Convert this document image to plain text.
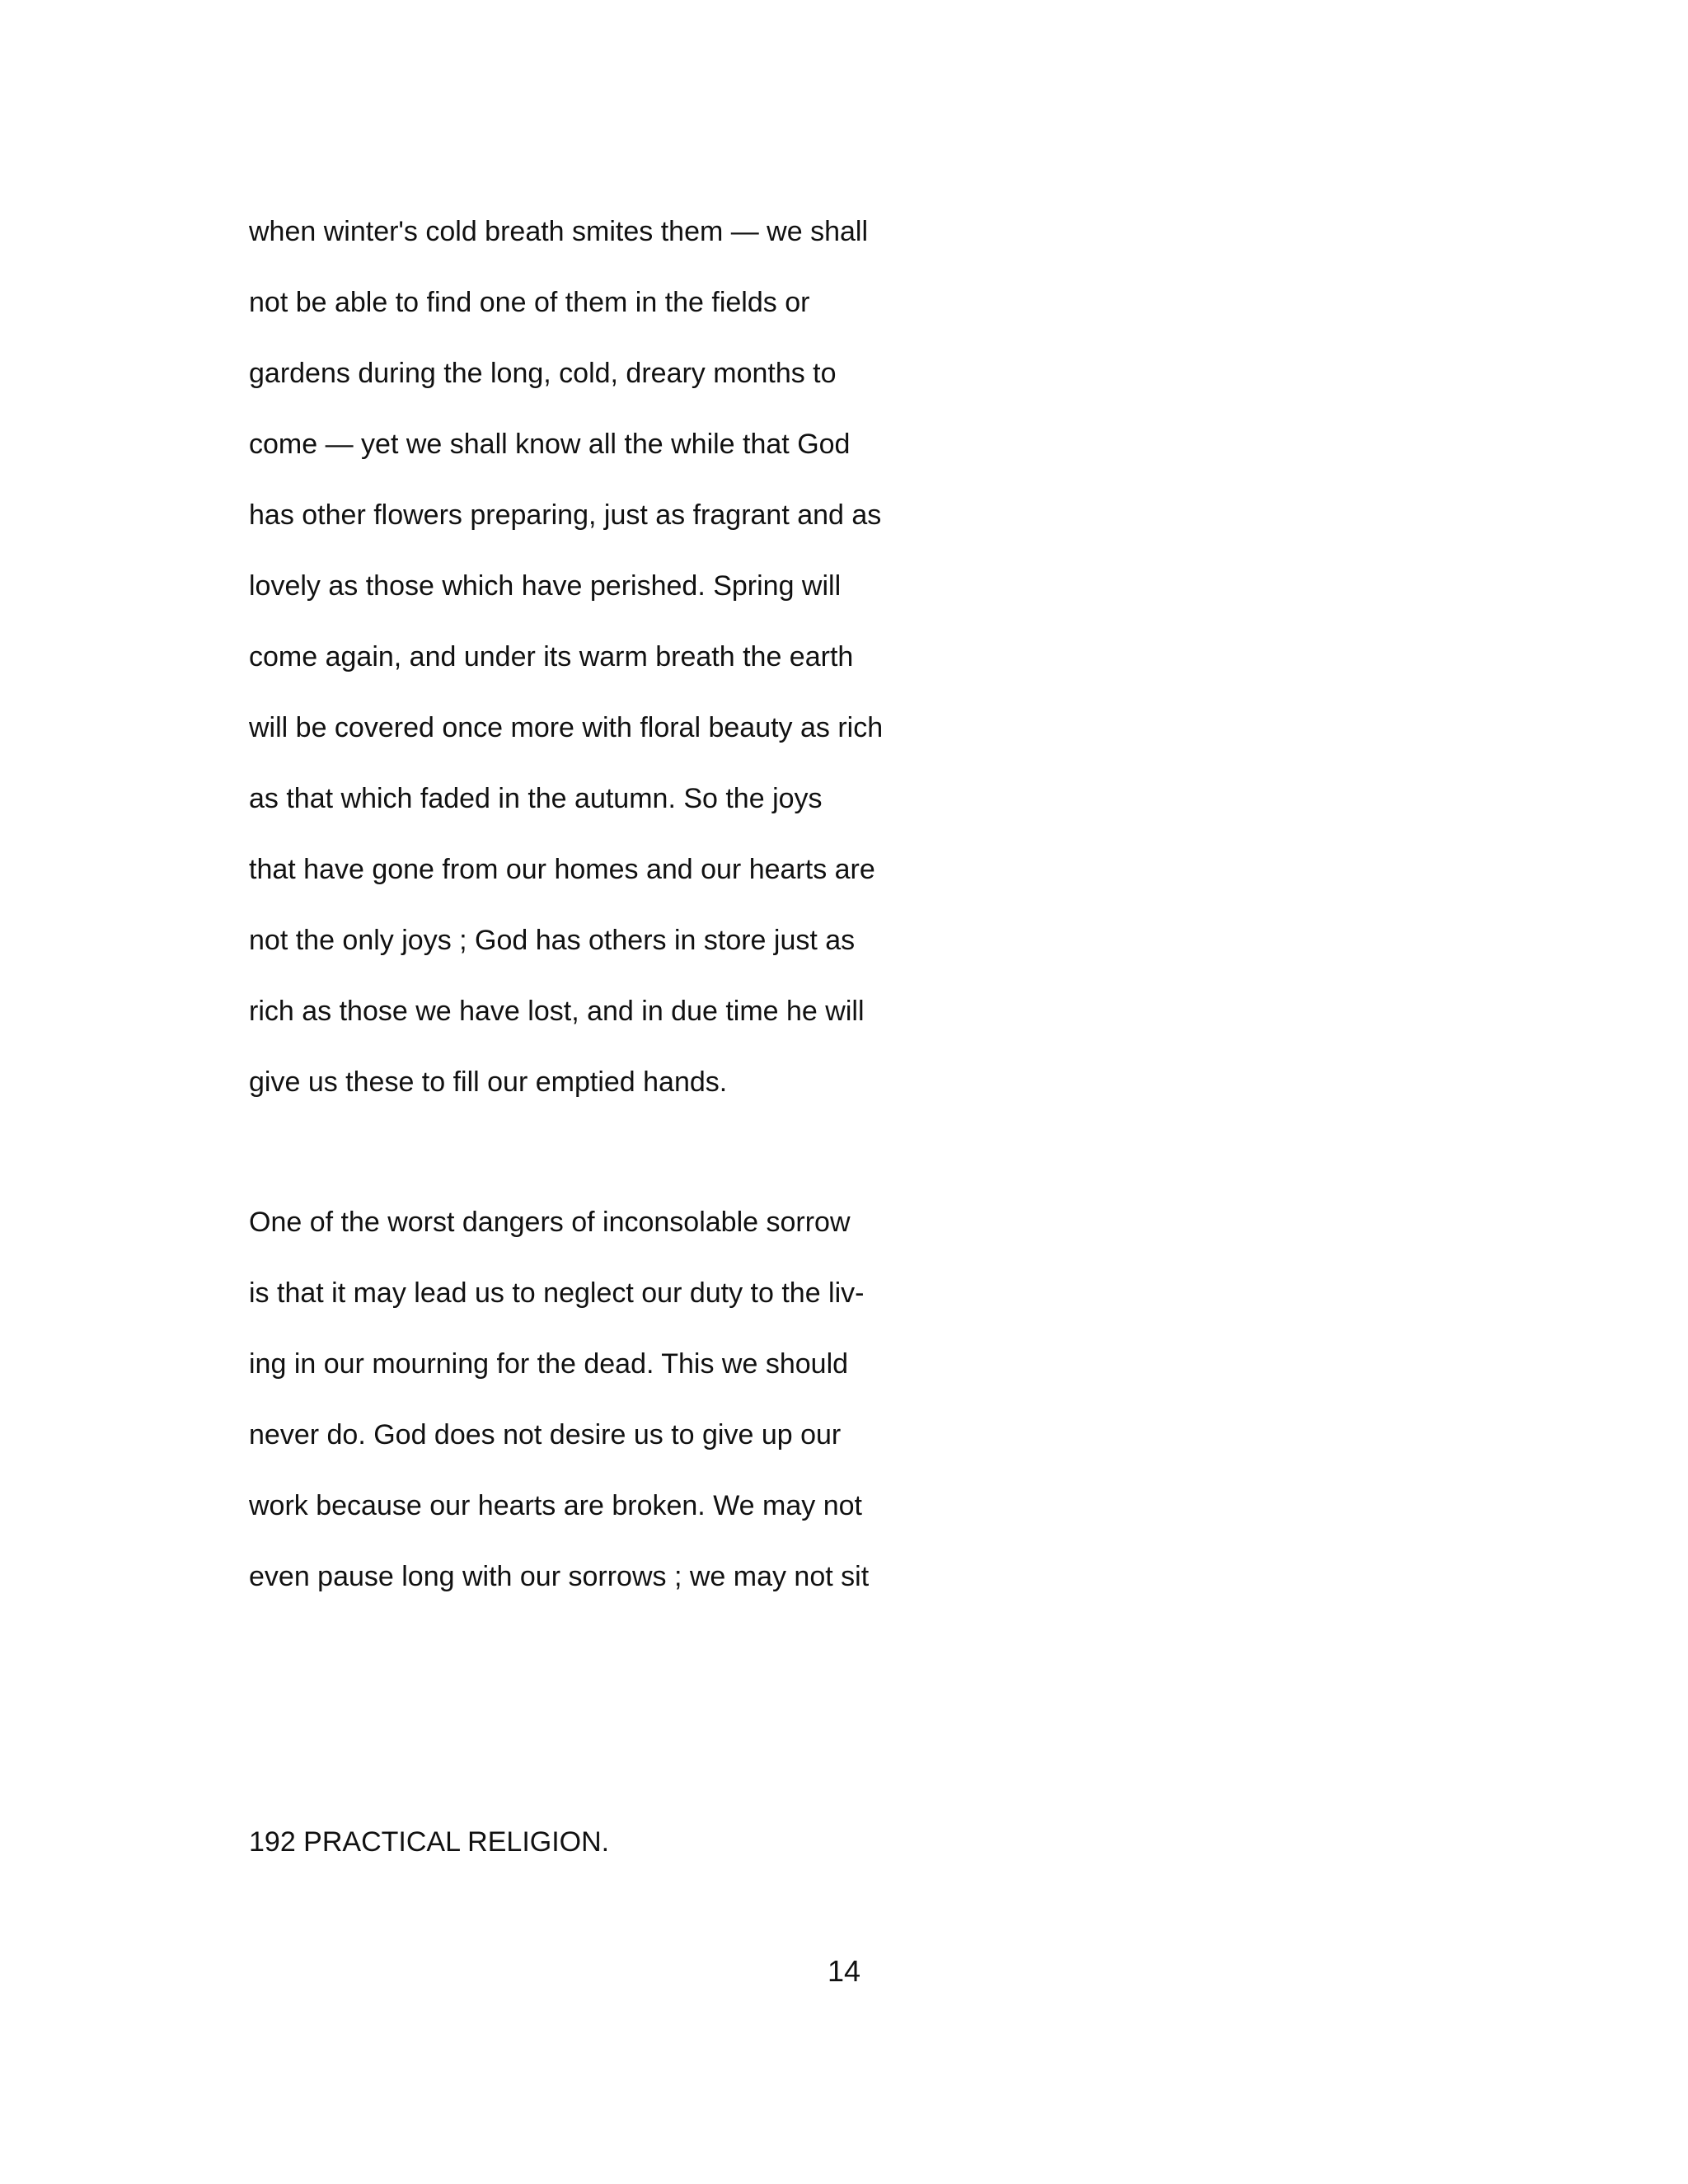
when winter's cold breath smites them — we shall
not be able to find one of them in the fields or
gardens during the long, cold, dreary months to
come — yet we shall know all the while that God
has other flowers preparing, just as fragrant and as
lovely as those which have perished. Spring will
come again, and under its warm breath the earth
will be covered once more with floral beauty as rich
as that which faded in the autumn. So the joys
that have gone from our homes and our hearts are
not the only joys ; God has others in store just as
rich as those we have lost, and in due time he will
give us these to fill our emptied hands.
One of the worst dangers of inconsolable sorrow
is that it may lead us to neglect our duty to the liv-
ing in our mourning for the dead. This we should
never do. God does not desire us to give up our
work because our hearts are broken. We may not
even pause long with our sorrows ; we may not sit
192 PRACTICAL RELIGION.
14
